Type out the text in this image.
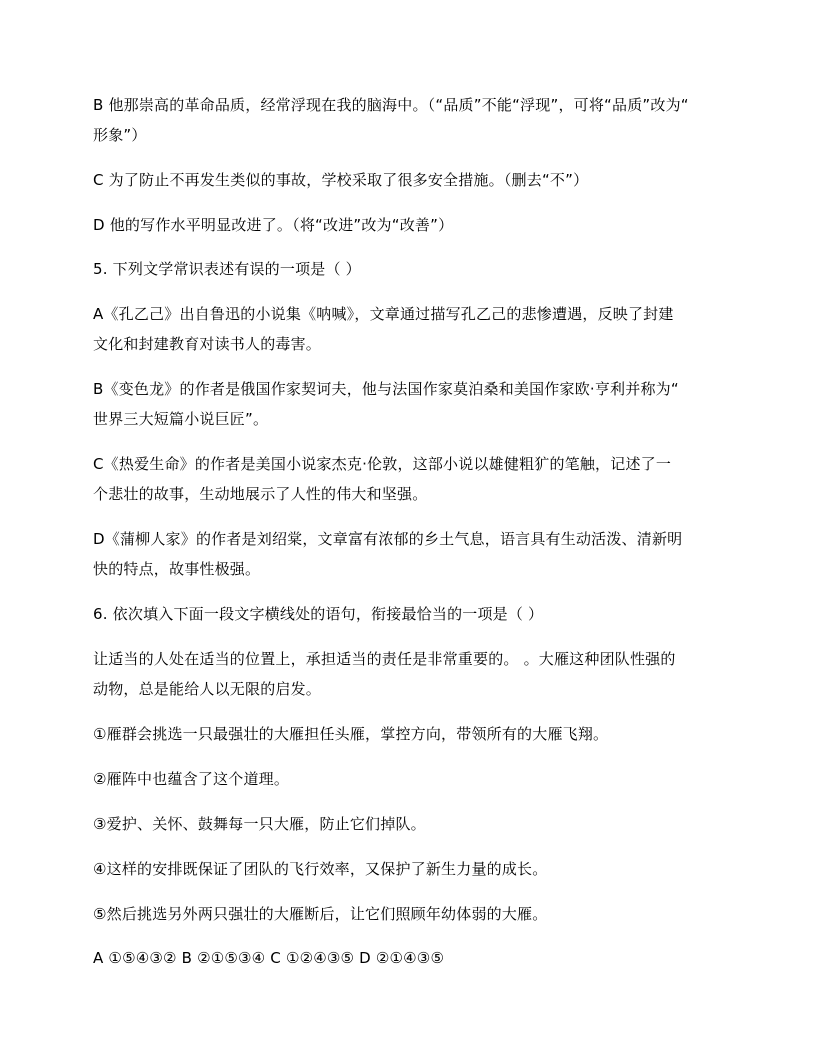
B 他那崇高的革命品质，经常浮现在我的脑海中。（“品质”不能“浮现”，可将“品质”改为“
形象”）
C 为了防止不再发生类似的事故，学校采取了很多安全措施。（删去“不”）
D 他的写作水平明显改进了。（将“改进”改为“改善”）
5. 下列文学常识表述有误的一项是（ ）
A《孔乙己》出自鲁迅的小说集《呐喊》，文章通过描写孔乙己的悲惨遭遇，反映了封建
文化和封建教育对读书人的毒害。
B《变色龙》的作者是俄国作家契诃夫，他与法国作家莫泊桑和美国作家欧·亨利并称为“
世界三大短篇小说巨匠”。
C《热爱生命》的作者是美国小说家杰克·伦敦，这部小说以雄健粗犷的笔触，记述了一
个悲壮的故事，生动地展示了人性的伟大和坚强。
D《蒲柳人家》的作者是刘绍棠，文章富有浓郁的乡土气息，语言具有生动活泼、清新明
快的特点，故事性极强。
6. 依次填入下面一段文字横线处的语句，衔接最恰当的一项是（ ）
让适当的人处在适当的位置上，承担适当的责任是非常重要的。 。大雁这种团队性强的
动物，总是能给人以无限的启发。
①雁群会挑选一只最强壮的大雁担任头雁，掌控方向，带领所有的大雁飞翔。
②雁阵中也蕴含了这个道理。
③爱护、关怀、鼓舞每一只大雁，防止它们掉队。
④这样的安排既保证了团队的飞行效率，又保护了新生力量的成长。
⑤然后挑选另外两只强壮的大雁断后，让它们照顾年幼体弱的大雁。
A ①⑤④③② B ②①⑤③④ C ①②④③⑤ D ②①④③⑤
